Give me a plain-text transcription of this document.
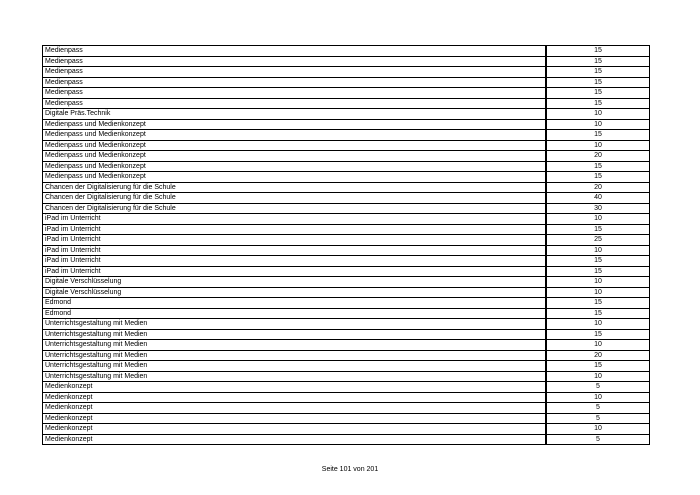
Medienpass	15
Medienpass	15
Medienpass	15
Medienpass	15
Medienpass	15
Medienpass	15
Digitale Präs.Technik	10
Medienpass und Medienkonzept	10
Medienpass und Medienkonzept	15
Medienpass und Medienkonzept	10
Medienpass und Medienkonzept	20
Medienpass und Medienkonzept	15
Medienpass und Medienkonzept	15
Chancen der Digitalisierung für die Schule	20
Chancen der Digitalisierung für die Schule	40
Chancen der Digitalisierung für die Schule	30
iPad im Unterricht	10
iPad im Unterricht	15
iPad im Unterricht	25
iPad im Unterricht	10
iPad im Unterricht	15
iPad im Unterricht	15
Digitale Verschlüsselung	10
Digitale Verschlüsselung	10
Edmond	15
Edmond	15
Unterrichtsgestaltung mit Medien	10
Unterrichtsgestaltung mit Medien	15
Unterrichtsgestaltung mit Medien	10
Unterrichtsgestaltung mit Medien	20
Unterrichtsgestaltung mit Medien	15
Unterrichtsgestaltung mit Medien	10
Medienkonzept	5
Medienkonzept	10
Medienkonzept	5
Medienkonzept	5
Medienkonzept	10
Medienkonzept	5
Seite 101 von 201
